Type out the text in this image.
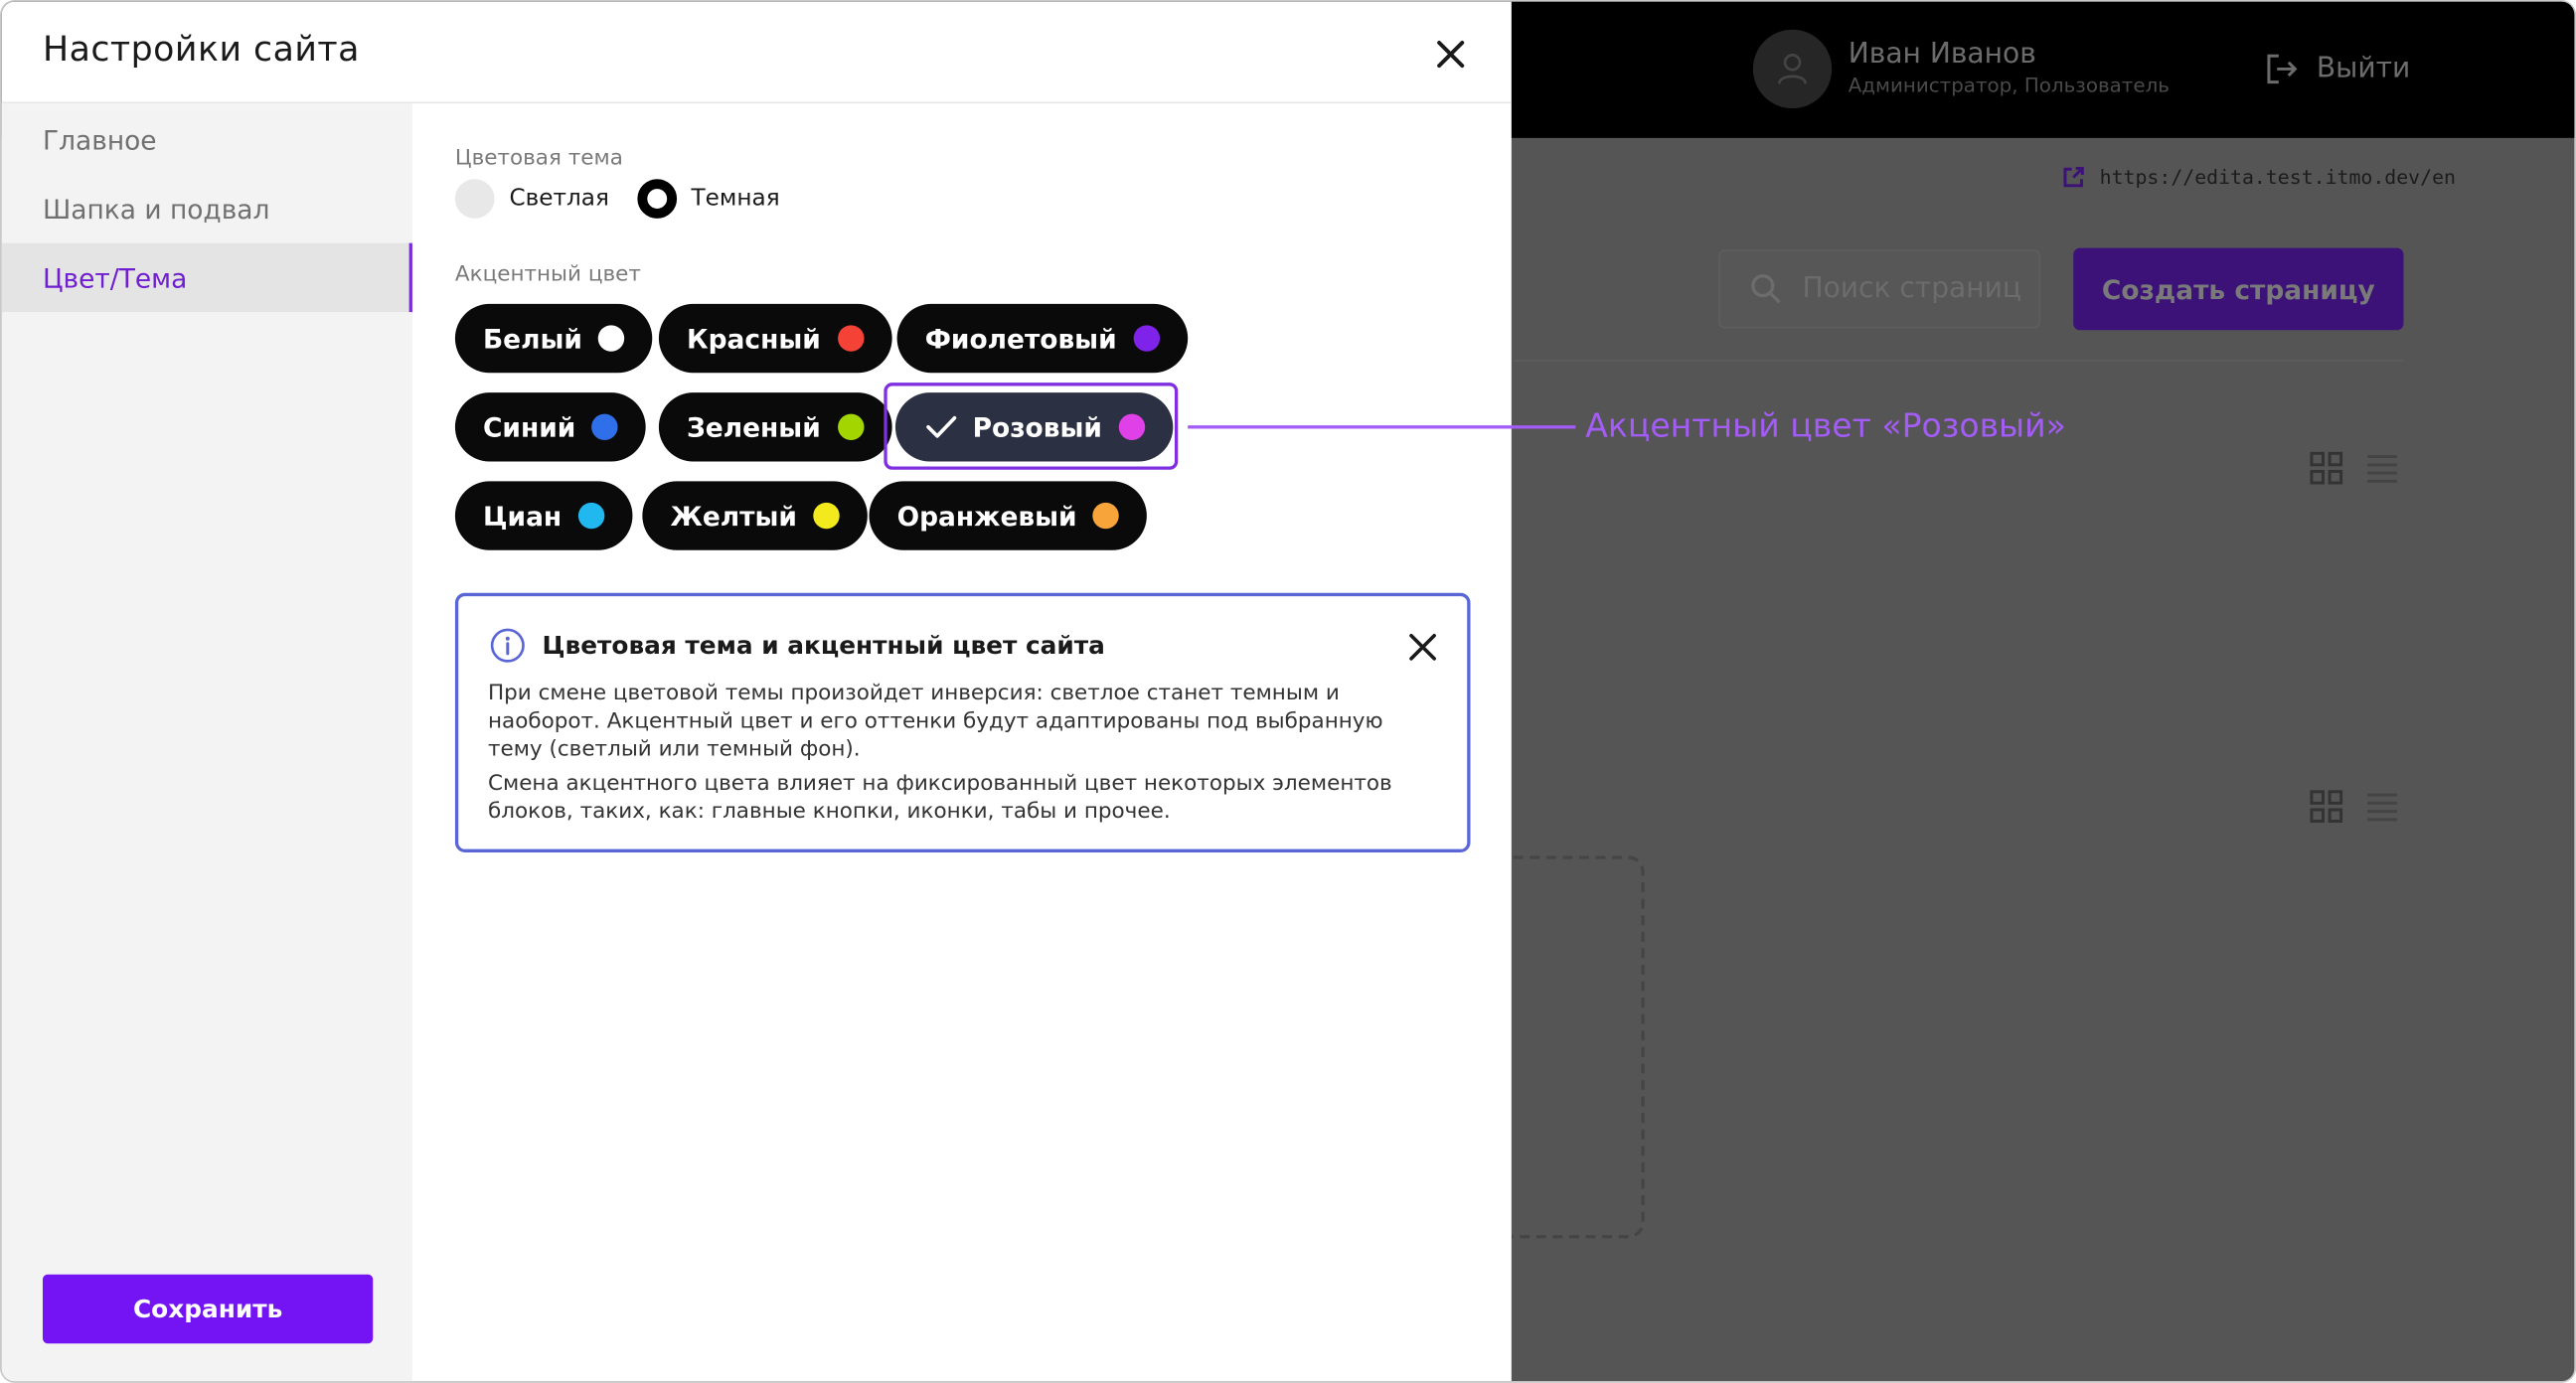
Иван Иванов
Администратор, Пользователь
Выйти
https://edita.test.itmo.dev/en
Поиск страниц	Создать страницу
Настройки сайта
Главное
Шапка и подвал
Цвет/Тема
Сохранить
Цветовая тема
Светлая	Темная
Акцентный цвет
Белый	Красный	Фиолетовый
Синий	Зеленый	Розовый
Циан	Желтый	Оранжевый
Цветовая тема и акцентный цвет сайта
При смене цветовой темы произойдет инверсия: светлое станет темным и наоборот. Акцентный цвет и его оттенки будут адаптированы под выбранную тему (светлый или темный фон).
Смена акцентного цвета влияет на фиксированный цвет некоторых элементов блоков, таких, как: главные кнопки, иконки, табы и прочее.
Акцентный цвет «Розовый»
